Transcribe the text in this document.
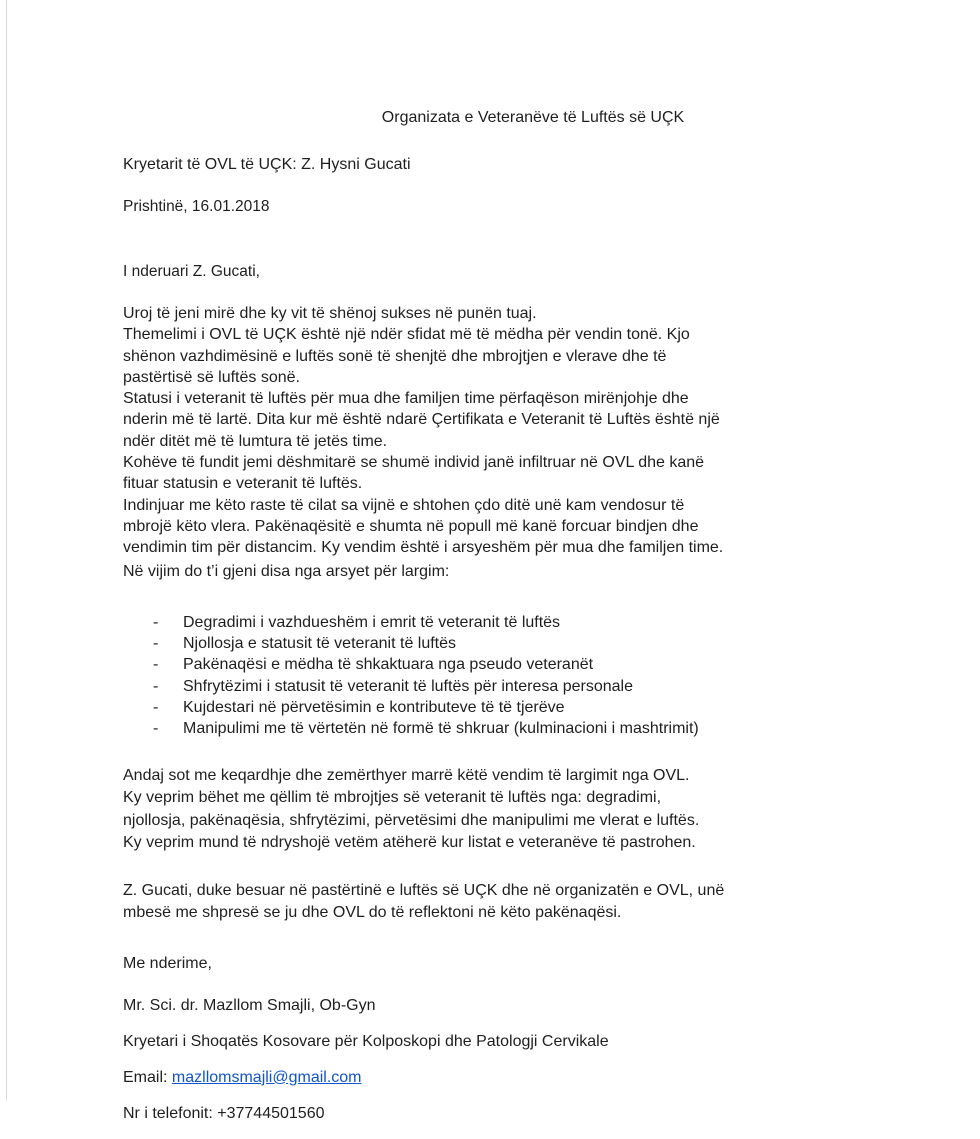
Organizata e Veteranëve të Luftës së UÇK

Kryetarit të OVL të UÇK: Z. Hysni Gucati

Prishtinë, 16.01.2018

I nderuari Z. Gucati,

Uroj të jeni mirë dhe ky vit të shënoj sukses në punën tuaj.

Themelimi i OVL të UÇK është një ndër sfidat më të mëdha për vendin tonë. Kjo

shënon vazhdimësinë e luftës sonë të shenjtë dhe mbrojtjen e vlerave dhe të

pastërtisë së luftës sonë.

Statusi i veteranit të luftës për mua dhe familjen time përfaqëson mirënjohje dhe

nderin më të lartë. Dita kur më është ndarë Çertifikata e Veteranit të Luftës është një

ndër ditët më të lumtura të jetës time.

Kohëve të fundit jemi dëshmitarë se shumë individ janë infiltruar në OVL dhe kanë

fituar statusin e veteranit të luftës.

Indinjuar me këto raste të cilat sa vijnë e shtohen çdo ditë unë kam vendosur të

mbrojë këto vlera. Pakënaqësitë e shumta në popull më kanë forcuar bindjen dhe

vendimin tim për distancim. Ky vendim është i arsyeshëm për mua dhe familjen time.

Në vijim do t’i gjeni disa nga arsyet për largim:

- Degradimi i vazhdueshëm i emrit të veteranit të luftës
- Njollosja e statusit të veteranit të luftës
- Pakënaqësi e mëdha të shkaktuara nga pseudo veteranët
- Shfrytëzimi i statusit të veteranit të luftës për interesa personale
- Kujdestari në përvetësimin e kontributeve të të tjerëve
- Manipulimi me të vërtetën në formë të shkruar (kulminacioni i mashtrimit)

Andaj sot me keqardhje dhe zemërthyer marrë këtë vendim të largimit nga OVL.

Ky veprim bëhet me qëllim të mbrojtjes së veteranit të luftës nga: degradimi,

njollosja, pakënaqësia, shfrytëzimi, përvetësimi dhe manipulimi me vlerat e luftës.

Ky veprim mund të ndryshojë vetëm atëherë kur listat e veteranëve të pastrohen.

Z. Gucati, duke besuar në pastërtinë e luftës së UÇK dhe në organizatën e OVL, unë

mbesë me shpresë se ju dhe OVL do të reflektoni në këto pakënaqësi.

Me nderime,

Mr. Sci. dr. Mazllom Smajli, Ob-Gyn

Kryetari i Shoqatës Kosovare për Kolposkopi dhe Patologji Cervikale

Email: mazllomsmajli@gmail.com

Nr i telefonit: +37744501560
